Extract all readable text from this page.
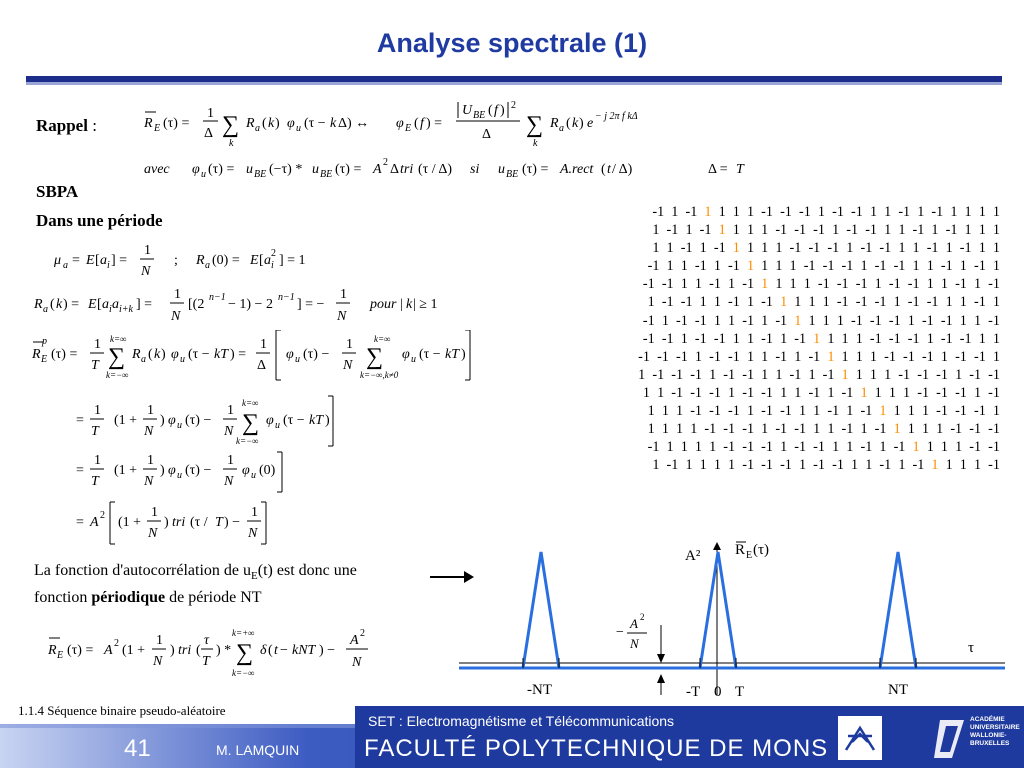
Analyse spectrale (1)
Rappel :	R E (τ) =
1
Δ ∑
k
R a ( k ) φ u (τ − k Δ) ↔ φ E ( f ) =
U BE ( f ) 2
Δ ∑
k
R a ( k ) e − j 2π f kΔ
avec φ u (τ) = u BE (−τ) * u BE (τ) = A 2 Δ tri (τ / Δ) si u BE (τ) = A.rect ( t / Δ)	Δ = T
SBPA
Dans une période
μ a = E [ a i ] =
1
N
; R a (0) = E [ a i
2 ] = 1
R a ( k ) = E [ a i a i+k ] =
1
N
[(2 n−1 − 1) − 2 n−1 ] = −
1
N
pour | k | ≥ 1
R E
p
(τ) =
1
T ∑
k=∞
k=−∞
R a ( k ) φ u (τ − kT ) =
1
Δ
φ u (τ) −
1
N ∑
k=∞
k=−∞,k≠0
φ u (τ − kT )
=
1
T
(1 +
1
N
) φ u (τ) −
1
N ∑
k=∞
k=−∞
φ u (τ − kT )
=
1
T
(1 +
1
N
) φ u (τ) −
1
N
φ u (0)
= A 2 (1 +
1
N
) tri (τ / T ) −
1
N
-1 1 -1 1 1 1 1 -1 -1 -1 1 -1 -1 1 1 -1 1 -1 1 1 1 1
1 -1 1 -1 1 1 1 1 -1 -1 -1 1 -1 -1 1 1 -1 1 -1 1 1 1
1 1 -1 1 -1 1 1 1 1 -1 -1 -1 1 -1 -1 1 1 -1 1 -1 1 1
-1 1 1 -1 1 -1 1 1 1 1 -1 -1 -1 1 -1 -1 1 1 -1 1 -1 1
-1 -1 1 1 -1 1 -1 1 1 1 1 -1 -1 -1 1 -1 -1 1 1 -1 1 -1
1 -1 -1 1 1 -1 1 -1 1 1 1 1 -1 -1 -1 1 -1 -1 1 1 -1 1
-1 1 -1 -1 1 1 -1 1 -1 1 1 1 1 -1 -1 -1 1 -1 -1 1 1 -1
-1 -1 1 -1 -1 1 1 -1 1 -1 1 1 1 1 -1 -1 -1 1 -1 -1 1 1
-1 -1 -1 1 -1 -1 1 1 -1 1 -1 1 1 1 1 -1 -1 -1 1 -1 -1 1
1 -1 -1 -1 1 -1 -1 1 1 -1 1 -1 1 1 1 1 -1 -1 -1 1 -1 -1
1 1 -1 -1 -1 1 -1 -1 1 1 -1 1 -1 1 1 1 1 -1 -1 -1 1 -1
1 1 1 -1 -1 -1 1 -1 -1 1 1 -1 1 -1 1 1 1 1 -1 -1 -1 1
1 1 1 1 -1 -1 -1 1 -1 -1 1 1 -1 1 -1 1 1 1 1 -1 -1 -1
-1 1 1 1 1 -1 -1 -1 1 -1 -1 1 1 -1 1 -1 1 1 1 1 -1 -1
1 -1 1 1 1 1 -1 -1 -1 1 -1 -1 1 1 -1 1 -1 1 1 1 1 -1
−
A 2
N
A² R E (τ)
τ
-NT	NT
-T 0 T
La fonction d'autocorrélation de $u_E(t)$ est donc une fonction périodique de période NT
R E (τ) = A 2 (1 +
1
N
) tri (
τ
T
) * ∑
k=+∞
k=−∞
δ ( t − kNT ) −
A 2
N
1.1.4 Séquence binaire pseudo-aléatoire
41	M. LAMQUIN
SET : Electromagnétisme et Télécommunications
FACULTÉ POLYTECHNIQUE DE MONS
ACADÉMIE
UNIVERSITAIRE
WALLONIE-
BRUXELLES
